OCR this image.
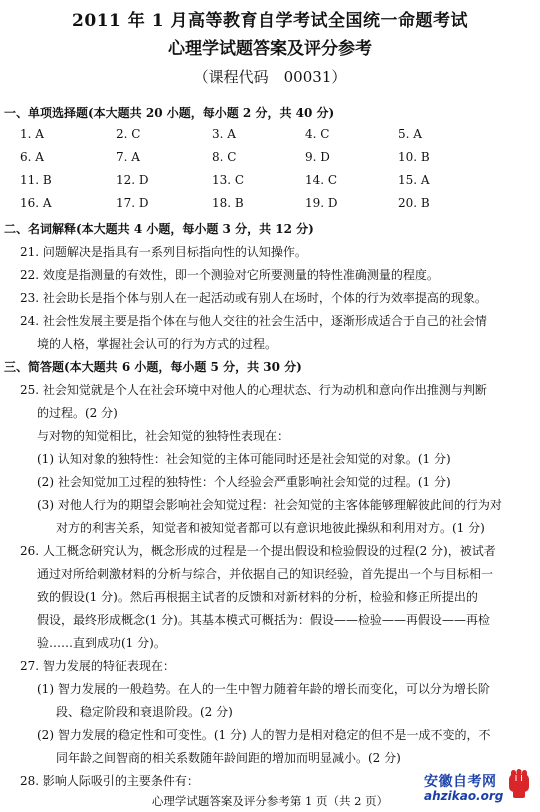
2011 年 1 月高等教育自学考试全国统一命题考试
心理学试题答案及评分参考
（课程代码　00031）
一、单项选择题(本大题共 20 小题，每小题 2 分，共 40 分)
1. A	2. C	3. A	4. C	5. A
6. A	7. A	8. C	9. D	10. B
11. B	12. D	13. C	14. C	15. A
16. A	17. D	18. B	19. D	20. B
二、名词解释(本大题共 4 小题，每小题 3 分，共 12 分)
21. 问题解决是指具有一系列目标指向性的认知操作。
22. 效度是指测量的有效性，即一个测验对它所要测量的特性准确测量的程度。
23. 社会助长是指个体与别人在一起活动或有别人在场时，个体的行为效率提高的现象。
24. 社会性发展主要是指个体在与他人交往的社会生活中，逐渐形成适合于自己的社会情
境的人格，掌握社会认可的行为方式的过程。
三、简答题(本大题共 6 小题，每小题 5 分，共 30 分)
25. 社会知觉就是个人在社会环境中对他人的心理状态、行为动机和意向作出推测与判断
的过程。(2 分)
与对物的知觉相比，社会知觉的独特性表现在：
(1) 认知对象的独特性：社会知觉的主体可能同时还是社会知觉的对象。(1 分)
(2) 社会知觉加工过程的独特性：个人经验会严重影响社会知觉的过程。(1 分)
(3) 对他人行为的期望会影响社会知觉过程：社会知觉的主客体能够理解彼此间的行为对
对方的利害关系，知觉者和被知觉者都可以有意识地彼此操纵和利用对方。(1 分)
26. 人工概念研究认为，概念形成的过程是一个提出假设和检验假设的过程(2 分)，被试者
通过对所给刺激材料的分析与综合，并依据自己的知识经验，首先提出一个与目标相一
致的假设(1 分)。然后再根据主试者的反馈和对新材料的分析，检验和修正所提出的
假设，最终形成概念(1 分)。其基本模式可概括为：假设——检验——再假设——再检
验……直到成功(1 分)。
27. 智力发展的特征表现在：
(1) 智力发展的一般趋势。在人的一生中智力随着年龄的增长而变化，可以分为增长阶
段、稳定阶段和衰退阶段。(2 分)
(2) 智力发展的稳定性和可变性。(1 分) 人的智力是相对稳定的但不是一成不变的，不
同年龄之间智商的相关系数随年龄间距的增加而明显减小。(2 分)
28. 影响人际吸引的主要条件有：
心理学试题答案及评分参考第 1 页（共 2 页）
安徽自考网
ahzikao.org
